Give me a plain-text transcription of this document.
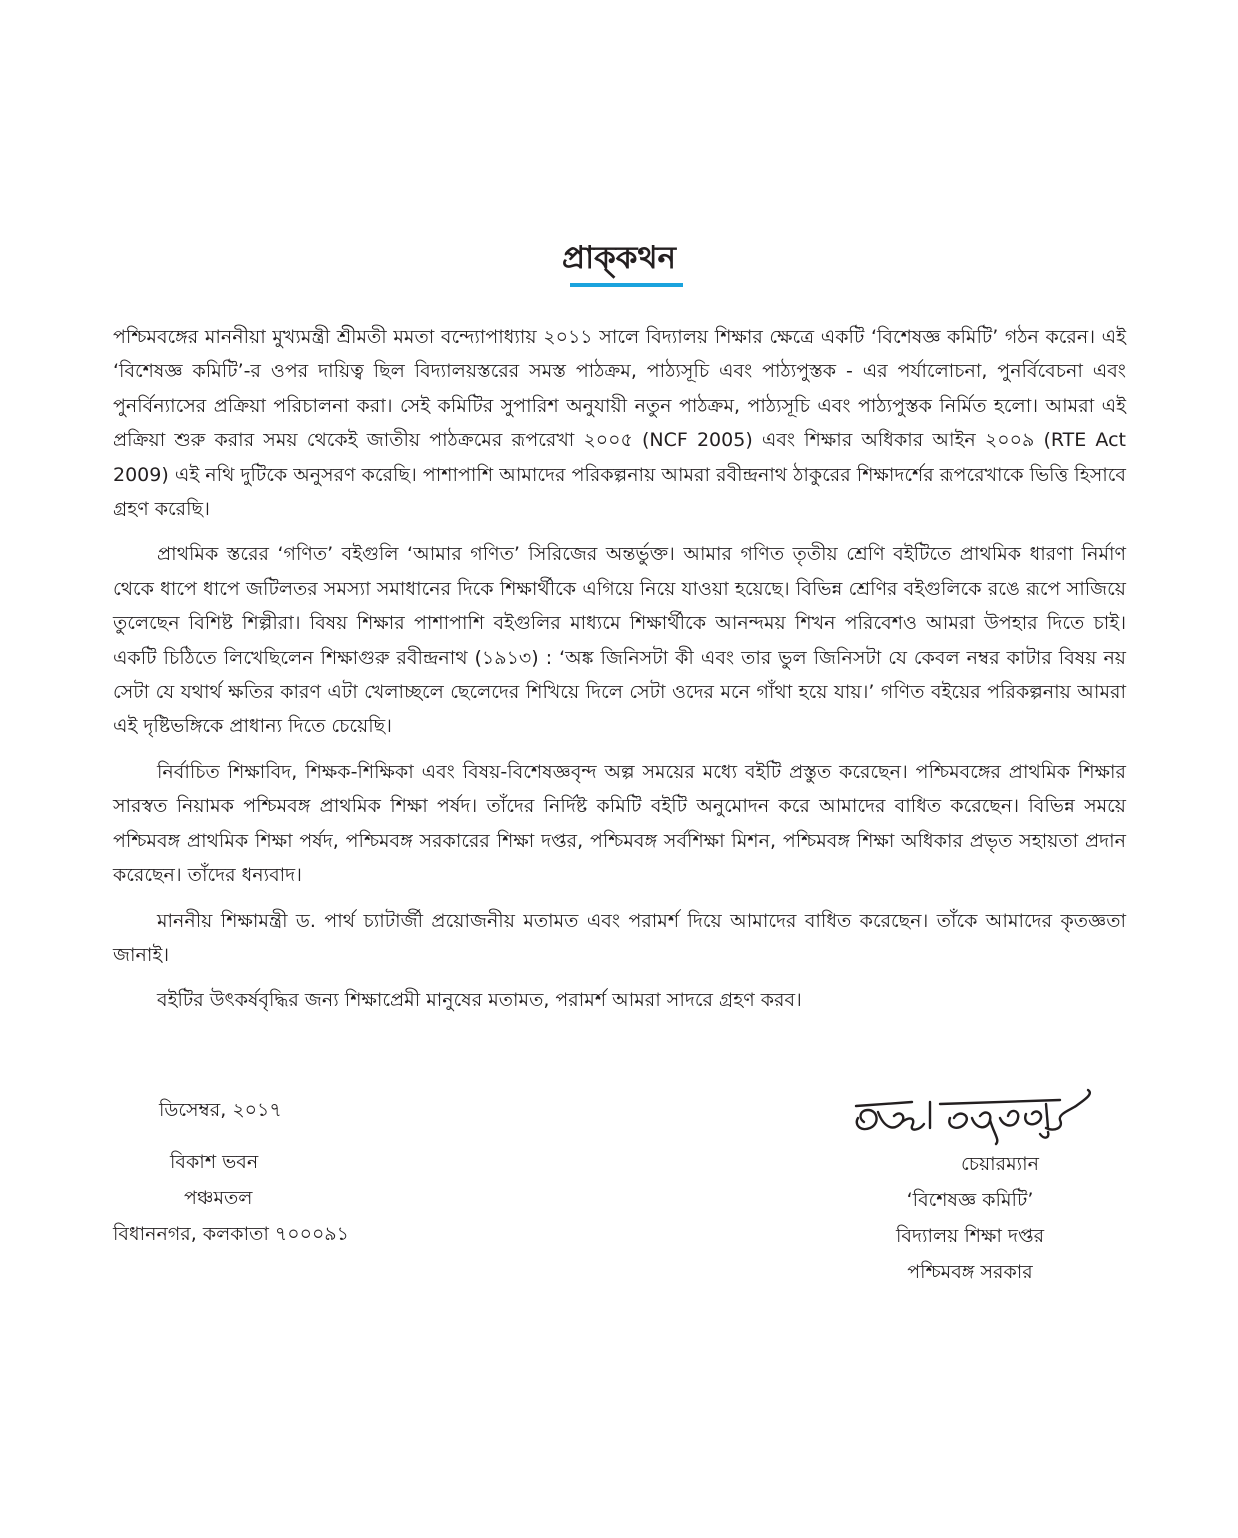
প্রাক্‌কথন

পশ্চিমবঙ্গের মাননীয়া মুখ্যমন্ত্রী শ্রীমতী মমতা বন্দ্যোপাধ্যায় ২০১১ সালে বিদ্যালয় শিক্ষার ক্ষেত্রে একটি ‘বিশেষজ্ঞ কমিটি’ গঠন করেন। এই ‘বিশেষজ্ঞ কমিটি’-র ওপর দায়িত্ব ছিল বিদ্যালয়স্তরের সমস্ত পাঠক্রম, পাঠ্যসূচি এবং পাঠ্যপুস্তক - এর পর্যালোচনা, পুনর্বিবেচনা এবং পুনর্বিন্যাসের প্রক্রিয়া পরিচালনা করা। সেই কমিটির সুপারিশ অনুযায়ী নতুন পাঠক্রম, পাঠ্যসূচি এবং পাঠ্যপুস্তক নির্মিত হলো। আমরা এই প্রক্রিয়া শুরু করার সময় থেকেই জাতীয় পাঠক্রমের রূপরেখা ২০০৫ (NCF 2005) এবং শিক্ষার অধিকার আইন ২০০৯ (RTE Act 2009) এই নথি দুটিকে অনুসরণ করেছি। পাশাপাশি আমাদের পরিকল্পনায় আমরা রবীন্দ্রনাথ ঠাকুরের শিক্ষাদর্শের রূপরেখাকে ভিত্তি হিসাবে গ্রহণ করেছি।

প্রাথমিক স্তরের ‘গণিত’ বইগুলি ‘আমার গণিত’ সিরিজের অন্তর্ভুক্ত। আমার গণিত তৃতীয় শ্রেণি বইটিতে প্রাথমিক ধারণা নির্মাণ থেকে ধাপে ধাপে জটিলতর সমস্যা সমাধানের দিকে শিক্ষার্থীকে এগিয়ে নিয়ে যাওয়া হয়েছে। বিভিন্ন শ্রেণির বইগুলিকে রঙে রূপে সাজিয়ে তুলেছেন বিশিষ্ট শিল্পীরা। বিষয় শিক্ষার পাশাপাশি বইগুলির মাধ্যমে শিক্ষার্থীকে আনন্দময় শিখন পরিবেশও আমরা উপহার দিতে চাই। একটি চিঠিতে লিখেছিলেন শিক্ষাগুরু রবীন্দ্রনাথ (১৯১৩) : ‘অঙ্ক জিনিসটা কী এবং তার ভুল জিনিসটা যে কেবল নম্বর কাটার বিষয় নয় সেটা যে যথার্থ ক্ষতির কারণ এটা খেলাচ্ছলে ছেলেদের শিখিয়ে দিলে সেটা ওদের মনে গাঁথা হয়ে যায়।’ গণিত বইয়ের পরিকল্পনায় আমরা এই দৃষ্টিভঙ্গিকে প্রাধান্য দিতে চেয়েছি।

নির্বাচিত শিক্ষাবিদ, শিক্ষক-শিক্ষিকা এবং বিষয়-বিশেষজ্ঞবৃন্দ অল্প সময়ের মধ্যে বইটি প্রস্তুত করেছেন। পশ্চিমবঙ্গের প্রাথমিক শিক্ষার সারস্বত নিয়ামক পশ্চিমবঙ্গ প্রাথমিক শিক্ষা পর্ষদ। তাঁদের নির্দিষ্ট কমিটি বইটি অনুমোদন করে আমাদের বাধিত করেছেন। বিভিন্ন সময়ে পশ্চিমবঙ্গ প্রাথমিক শিক্ষা পর্ষদ, পশ্চিমবঙ্গ সরকারের শিক্ষা দপ্তর, পশ্চিমবঙ্গ সর্বশিক্ষা মিশন, পশ্চিমবঙ্গ শিক্ষা অধিকার প্রভৃত সহায়তা প্রদান করেছেন। তাঁদের ধন্যবাদ।

মাননীয় শিক্ষামন্ত্রী ড. পার্থ চ্যাটার্জী প্রয়োজনীয় মতামত এবং পরামর্শ দিয়ে আমাদের বাধিত করেছেন। তাঁকে আমাদের কৃতজ্ঞতা জানাই।

বইটির উৎকর্ষবৃদ্ধির জন্য শিক্ষাপ্রেমী মানুষের মতামত, পরামর্শ আমরা সাদরে গ্রহণ করব।

ডিসেম্বর, ২০১৭
বিকাশ ভবন
পঞ্চমতল
বিধাননগর, কলকাতা ৭০০০৯১
চেয়ারম্যান
‘বিশেষজ্ঞ কমিটি’
বিদ্যালয় শিক্ষা দপ্তর
পশ্চিমবঙ্গ সরকার
